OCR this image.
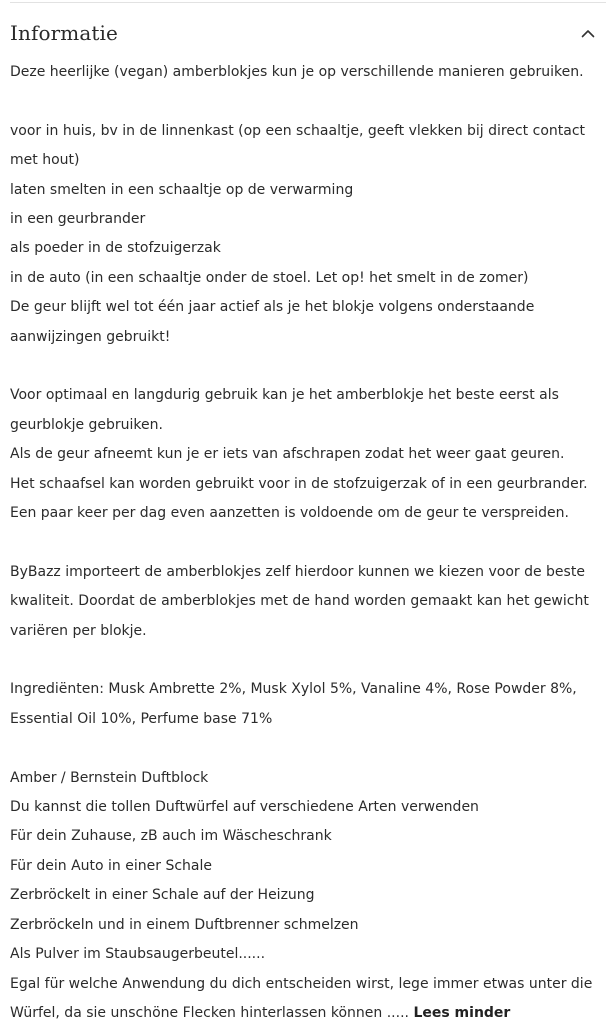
Informatie
Deze heerlijke (vegan) amberblokjes kun je op verschillende manieren gebruiken.
voor in huis, bv in de linnenkast (op een schaaltje, geeft vlekken bij direct contact
met hout)
laten smelten in een schaaltje op de verwarming
in een geurbrander
als poeder in de stofzuigerzak
in de auto (in een schaaltje onder de stoel. Let op! het smelt in de zomer)
De geur blijft wel tot één jaar actief als je het blokje volgens onderstaande
aanwijzingen gebruikt!
Voor optimaal en langdurig gebruik kan je het amberblokje het beste eerst als
geurblokje gebruiken.
Als de geur afneemt kun je er iets van afschrapen zodat het weer gaat geuren.
Het schaafsel kan worden gebruikt voor in de stofzuigerzak of in een geurbrander.
Een paar keer per dag even aanzetten is voldoende om de geur te verspreiden.
ByBazz importeert de amberblokjes zelf hierdoor kunnen we kiezen voor de beste
kwaliteit. Doordat de amberblokjes met de hand worden gemaakt kan het gewicht
variëren per blokje.
Ingrediënten: Musk Ambrette 2%, Musk Xylol 5%, Vanaline 4%, Rose Powder 8%,
Essential Oil 10%, Perfume base 71%
Amber / Bernstein Duftblock
Du kannst die tollen Duftwürfel auf verschiedene Arten verwenden
Für dein Zuhause, zB auch im Wäscheschrank
Für dein Auto in einer Schale
Zerbröckelt in einer Schale auf der Heizung
Zerbröckeln und in einem Duftbrenner schmelzen
Als Pulver im Staubsaugerbeutel......
Egal für welche Anwendung du dich entscheiden wirst, lege immer etwas unter die
Würfel, da sie unschöne Flecken hinterlassen können ..... Lees minder
